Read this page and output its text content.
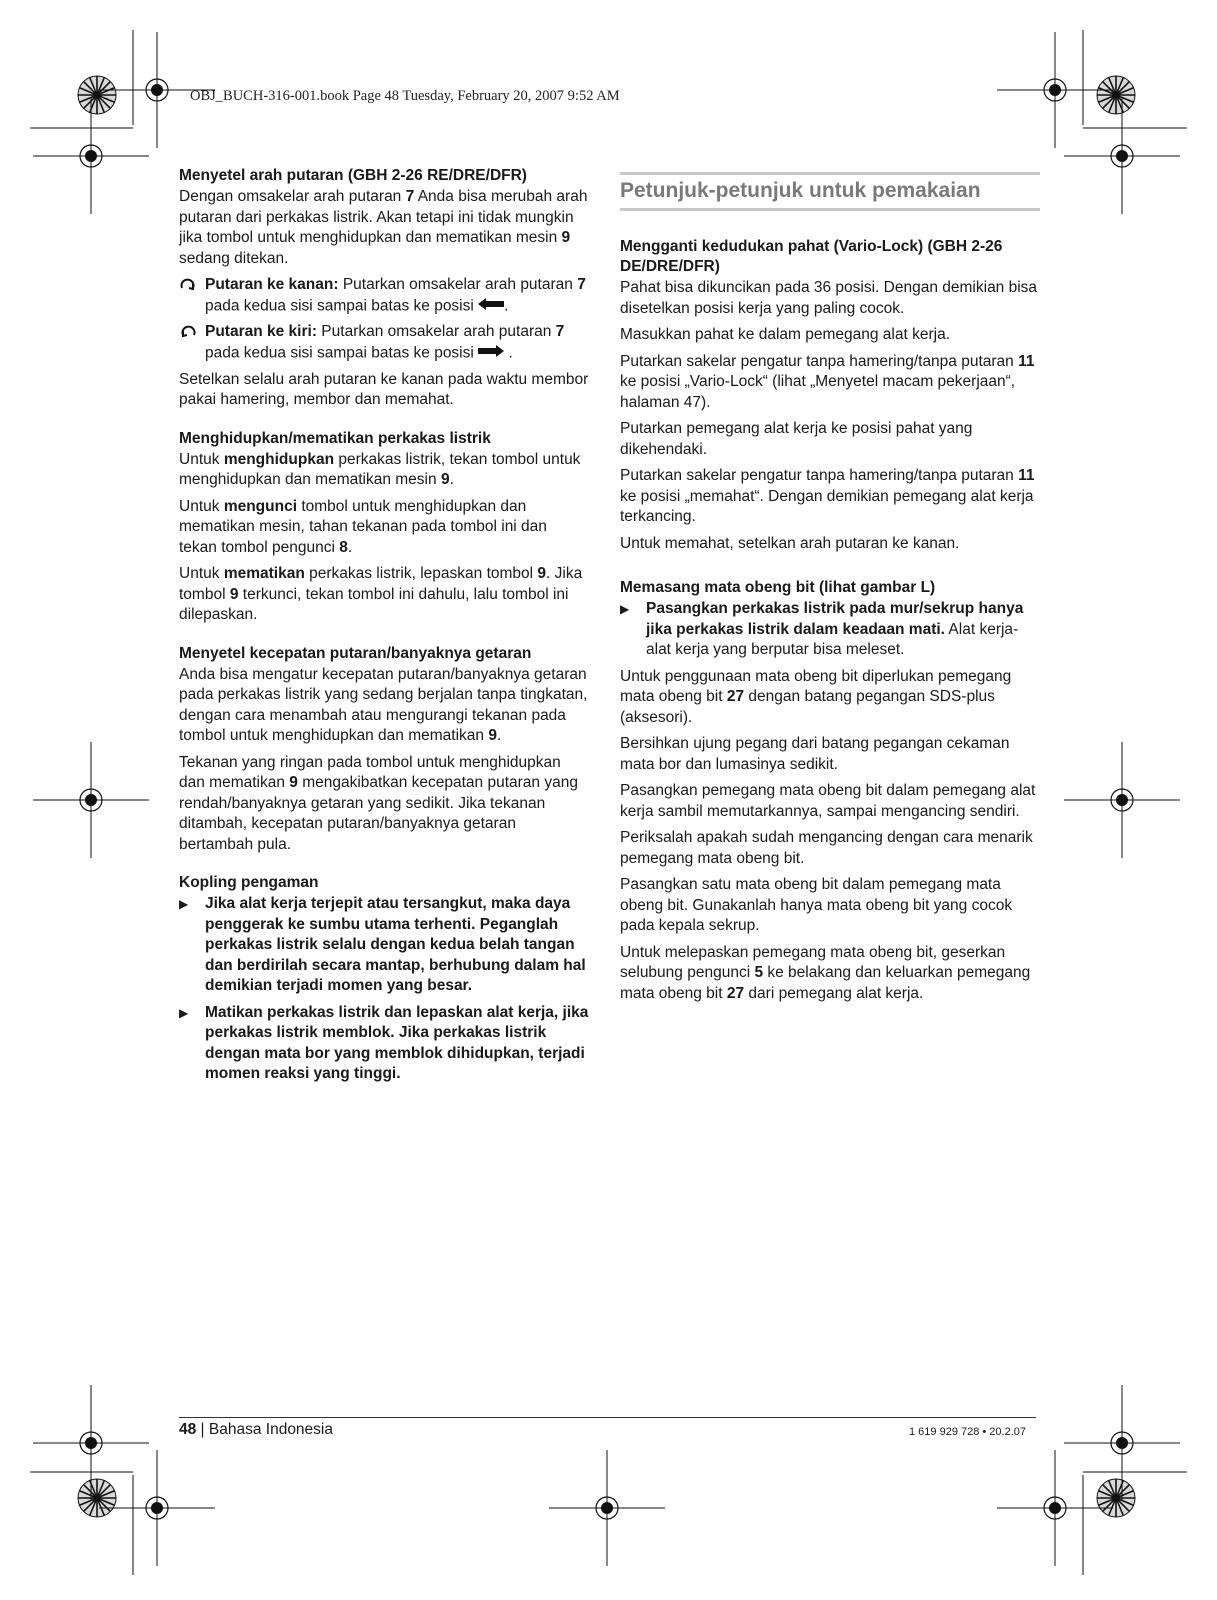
OBJ_BUCH-316-001.book Page 48 Tuesday, February 20, 2007 9:52 AM
Menyetel arah putaran (GBH 2-26 RE/DRE/DFR)

Dengan omsakelar arah putaran 7 Anda bisa merubah arah putaran dari perkakas listrik. Akan tetapi ini tidak mungkin jika tombol untuk menghidupkan dan mematikan mesin 9 sedang ditekan.

Putaran ke kanan: Putarkan omsakelar arah putaran 7 pada kedua sisi sampai batas ke posisi .
Putaran ke kiri: Putarkan omsakelar arah putaran 7 pada kedua sisi sampai batas ke posisi  .

Setelkan selalu arah putaran ke kanan pada waktu membor pakai hamering, membor dan memahat.

Menghidupkan/mematikan perkakas listrik

Untuk menghidupkan perkakas listrik, tekan tombol untuk menghidupkan dan mematikan mesin 9.

Untuk mengunci tombol untuk menghidupkan dan mematikan mesin, tahan tekanan pada tombol ini dan tekan tombol pengunci 8.

Untuk mematikan perkakas listrik, lepaskan tombol 9. Jika tombol 9 terkunci, tekan tombol ini dahulu, lalu tombol ini dilepaskan.

Menyetel kecepatan putaran/banyaknya getaran

Anda bisa mengatur kecepatan putaran/banyaknya getaran pada perkakas listrik yang sedang berjalan tanpa tingkatan, dengan cara menambah atau mengurangi tekanan pada tombol untuk menghidupkan dan mematikan 9.

Tekanan yang ringan pada tombol untuk menghidupkan dan mematikan 9 mengakibatkan kecepatan putaran yang rendah/banyaknya getaran yang sedikit. Jika tekanan ditambah, kecepatan putaran/banyaknya getaran bertambah pula.

Kopling pengaman
▶	Jika alat kerja terjepit atau tersangkut, maka daya penggerak ke sumbu utama terhenti. Peganglah perkakas listrik selalu dengan kedua belah tangan dan berdirilah secara mantap, berhubung dalam hal demikian terjadi momen yang besar.
▶	Matikan perkakas listrik dan lepaskan alat kerja, jika perkakas listrik memblok. Jika perkakas listrik dengan mata bor yang memblok dihidupkan, terjadi momen reaksi yang tinggi.
Petunjuk-petunjuk untuk pemakaian
Mengganti kedudukan pahat (Vario-Lock) (GBH 2-26 DE/DRE/DFR)

Pahat bisa dikuncikan pada 36 posisi. Dengan demikian bisa disetelkan posisi kerja yang paling cocok.

Masukkan pahat ke dalam pemegang alat kerja.

Putarkan sakelar pengatur tanpa hamering/tanpa putaran 11 ke posisi „Vario-Lock“ (lihat „Menyetel macam pekerjaan“, halaman 47).

Putarkan pemegang alat kerja ke posisi pahat yang dikehendaki.

Putarkan sakelar pengatur tanpa hamering/tanpa putaran 11 ke posisi „memahat“. Dengan demikian pemegang alat kerja terkancing.

Untuk memahat, setelkan arah putaran ke kanan.

Memasang mata obeng bit (lihat gambar L)
▶	Pasangkan perkakas listrik pada mur/sekrup hanya jika perkakas listrik dalam keadaan mati. Alat kerja-alat kerja yang berputar bisa meleset.

Untuk penggunaan mata obeng bit diperlukan pemegang mata obeng bit 27 dengan batang pegangan SDS-plus (aksesori).

Bersihkan ujung pegang dari batang pegangan cekaman mata bor dan lumasinya sedikit.

Pasangkan pemegang mata obeng bit dalam pemegang alat kerja sambil memutarkannya, sampai mengancing sendiri.

Periksalah apakah sudah mengancing dengan cara menarik pemegang mata obeng bit.

Pasangkan satu mata obeng bit dalam pemegang mata obeng bit. Gunakanlah hanya mata obeng bit yang cocok pada kepala sekrup.

Untuk melepaskan pemegang mata obeng bit, geserkan selubung pengunci 5 ke belakang dan keluarkan pemegang mata obeng bit 27 dari pemegang alat kerja.

48 | Bahasa Indonesia	1 619 929 728 • 20.2.07
